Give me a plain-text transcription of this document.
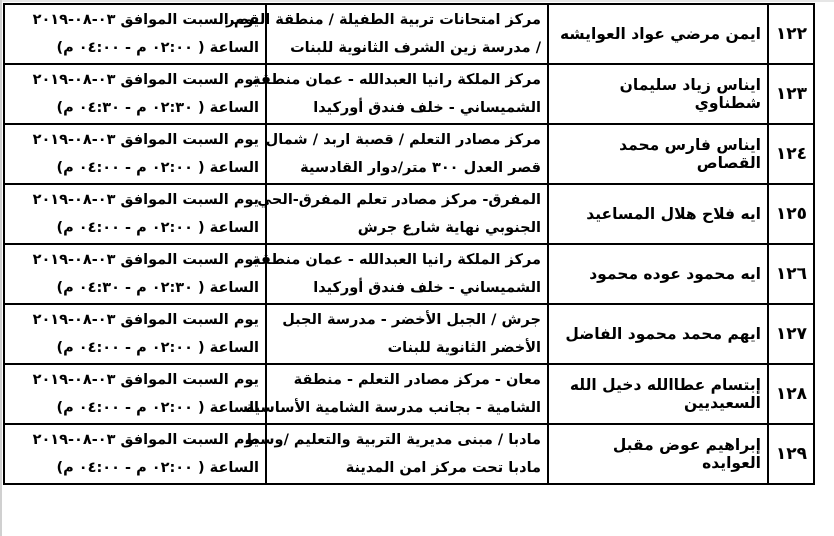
١٢٢	ايمن مرضي عواد العوايشه	مركز امتحانات تربية الطفيلة / منطقة القصر
/ مدرسة زين الشرف الثانوية للبنات	يوم السبت الموافق ٠٣-٠٨-٢٠١٩
الساعة ( ٠٢:٠٠ م - ٠٤:٠٠ م)

١٢٣	ايناس زياد سليمان شطناوي	مركز الملكة رانيا العبدالله - عمان منطقة
الشميساني - خلف فندق أوركيدا	يوم السبت الموافق ٠٣-٠٨-٢٠١٩
الساعة ( ٠٢:٣٠ م - ٠٤:٣٠ م)

١٢٤	ايناس فارس محمد القصاص	مركز مصادر التعلم / قصبة اربد / شمال
قصر العدل ٣٠٠ متر/دوار القادسية	يوم السبت الموافق ٠٣-٠٨-٢٠١٩
الساعة ( ٠٢:٠٠ م - ٠٤:٠٠ م)

١٢٥	ايه فلاح هلال المساعيد	المفرق- مركز مصادر تعلم المفرق-الحي
الجنوبي نهاية شارع جرش	يوم السبت الموافق ٠٣-٠٨-٢٠١٩
الساعة ( ٠٢:٠٠ م - ٠٤:٠٠ م)

١٢٦	ايه محمود عوده محمود	مركز الملكة رانيا العبدالله - عمان منطقة
الشميساني - خلف فندق أوركيدا	يوم السبت الموافق ٠٣-٠٨-٢٠١٩
الساعة ( ٠٢:٣٠ م - ٠٤:٣٠ م)

١٢٧	ايهم محمد محمود الفاضل	جرش / الجبل الأخضر - مدرسة الجبل
الأخضر الثانوية للبنات	يوم السبت الموافق ٠٣-٠٨-٢٠١٩
الساعة ( ٠٢:٠٠ م - ٠٤:٠٠ م)

١٢٨	إبتسام عطاالله دخيل الله السعيديين	معان - مركز مصادر التعلم - منطقة
الشامية - بجانب مدرسة الشامية الأساسية	يوم السبت الموافق ٠٣-٠٨-٢٠١٩
الساعة ( ٠٢:٠٠ م - ٠٤:٠٠ م)

١٢٩	إبراهيم عوض مقبل العوايده	مادبا / مبنى مديرية التربية والتعليم /وسط
مادبا تحت مركز امن المدينة	يوم السبت الموافق ٠٣-٠٨-٢٠١٩
الساعة ( ٠٢:٠٠ م - ٠٤:٠٠ م)
